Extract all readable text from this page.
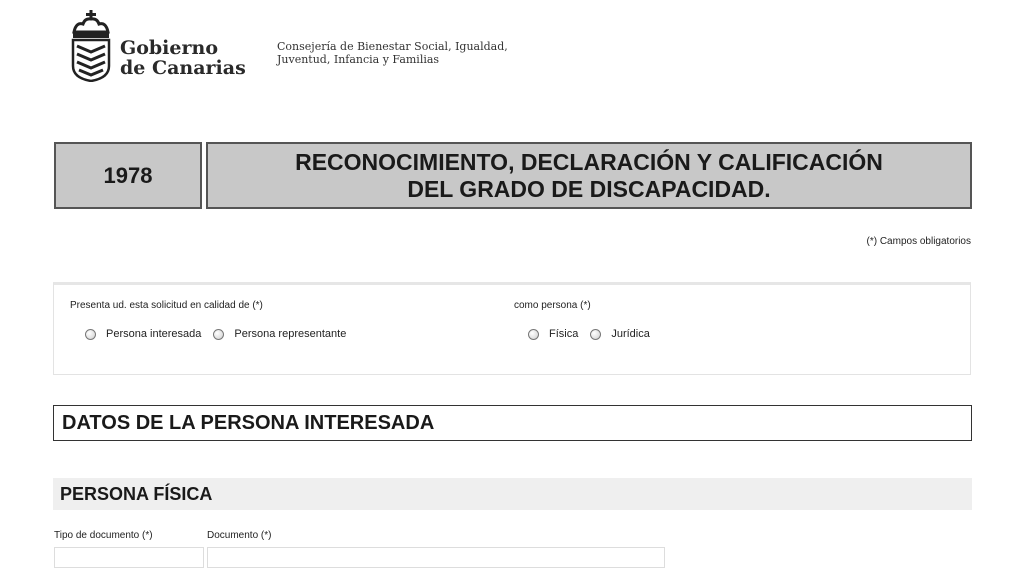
Gobierno
de Canarias
Consejería de Bienestar Social, Igualdad,
Juventud, Infancia y Familias
1978
RECONOCIMIENTO, DECLARACIÓN Y CALIFICACIÓN
DEL GRADO DE DISCAPACIDAD.
(*) Campos obligatorios
Presenta ud. esta solicitud en calidad de (*)
Persona interesada	Persona representante
como persona (*)
Física	Jurídica
DATOS DE LA PERSONA INTERESADA
PERSONA FÍSICA
Tipo de documento (*)	Documento (*)
